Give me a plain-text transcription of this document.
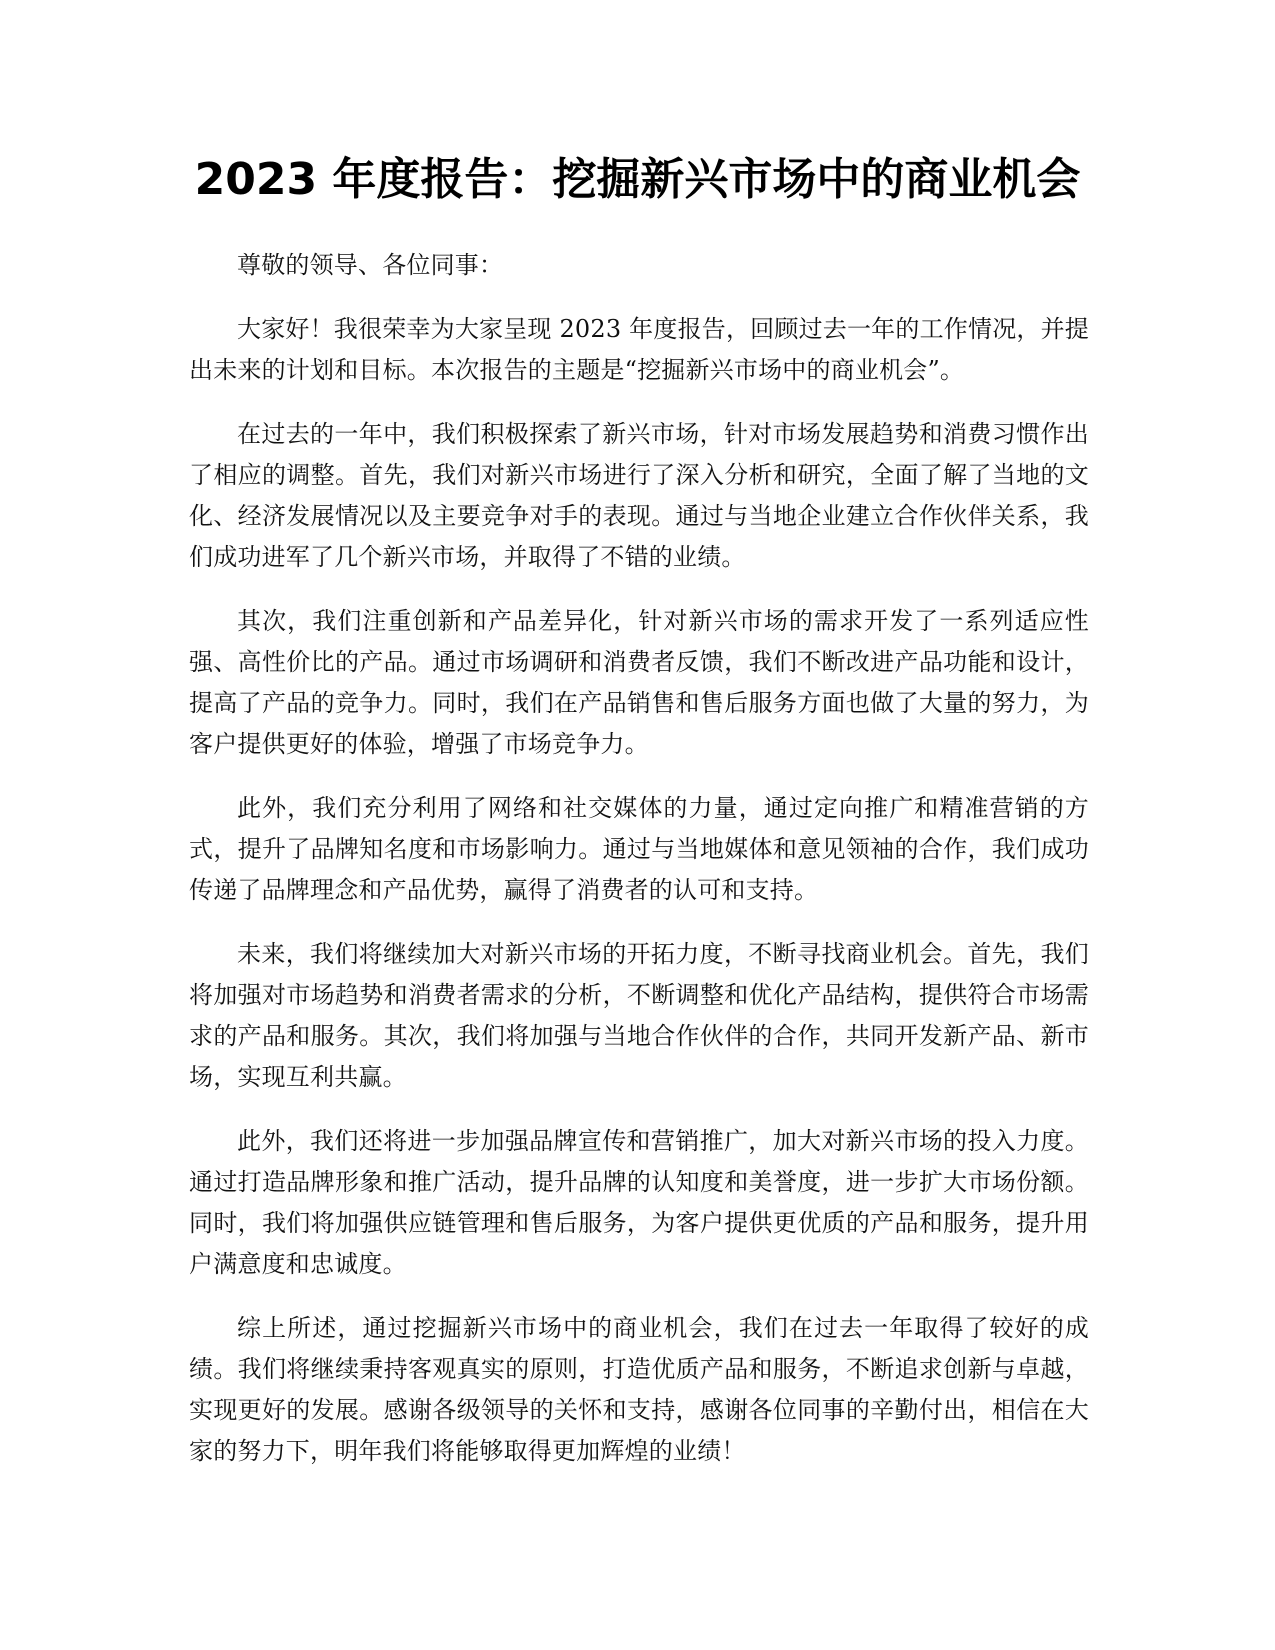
2023 年度报告：挖掘新兴市场中的商业机会

尊敬的领导、各位同事：

大家好！我很荣幸为大家呈现 2023 年度报告，回顾过去一年的工作情况，并提出未来的计划和目标。本次报告的主题是“挖掘新兴市场中的商业机会”。

在过去的一年中，我们积极探索了新兴市场，针对市场发展趋势和消费习惯作出了相应的调整。首先，我们对新兴市场进行了深入分析和研究，全面了解了当地的文化、经济发展情况以及主要竞争对手的表现。通过与当地企业建立合作伙伴关系，我们成功进军了几个新兴市场，并取得了不错的业绩。

其次，我们注重创新和产品差异化，针对新兴市场的需求开发了一系列适应性强、高性价比的产品。通过市场调研和消费者反馈，我们不断改进产品功能和设计，提高了产品的竞争力。同时，我们在产品销售和售后服务方面也做了大量的努力，为客户提供更好的体验，增强了市场竞争力。

此外，我们充分利用了网络和社交媒体的力量，通过定向推广和精准营销的方式，提升了品牌知名度和市场影响力。通过与当地媒体和意见领袖的合作，我们成功传递了品牌理念和产品优势，赢得了消费者的认可和支持。

未来，我们将继续加大对新兴市场的开拓力度，不断寻找商业机会。首先，我们将加强对市场趋势和消费者需求的分析，不断调整和优化产品结构，提供符合市场需求的产品和服务。其次，我们将加强与当地合作伙伴的合作，共同开发新产品、新市场，实现互利共赢。

此外，我们还将进一步加强品牌宣传和营销推广，加大对新兴市场的投入力度。通过打造品牌形象和推广活动，提升品牌的认知度和美誉度，进一步扩大市场份额。同时，我们将加强供应链管理和售后服务，为客户提供更优质的产品和服务，提升用户满意度和忠诚度。

综上所述，通过挖掘新兴市场中的商业机会，我们在过去一年取得了较好的成绩。我们将继续秉持客观真实的原则，打造优质产品和服务，不断追求创新与卓越，实现更好的发展。感谢各级领导的关怀和支持，感谢各位同事的辛勤付出，相信在大家的努力下，明年我们将能够取得更加辉煌的业绩！
